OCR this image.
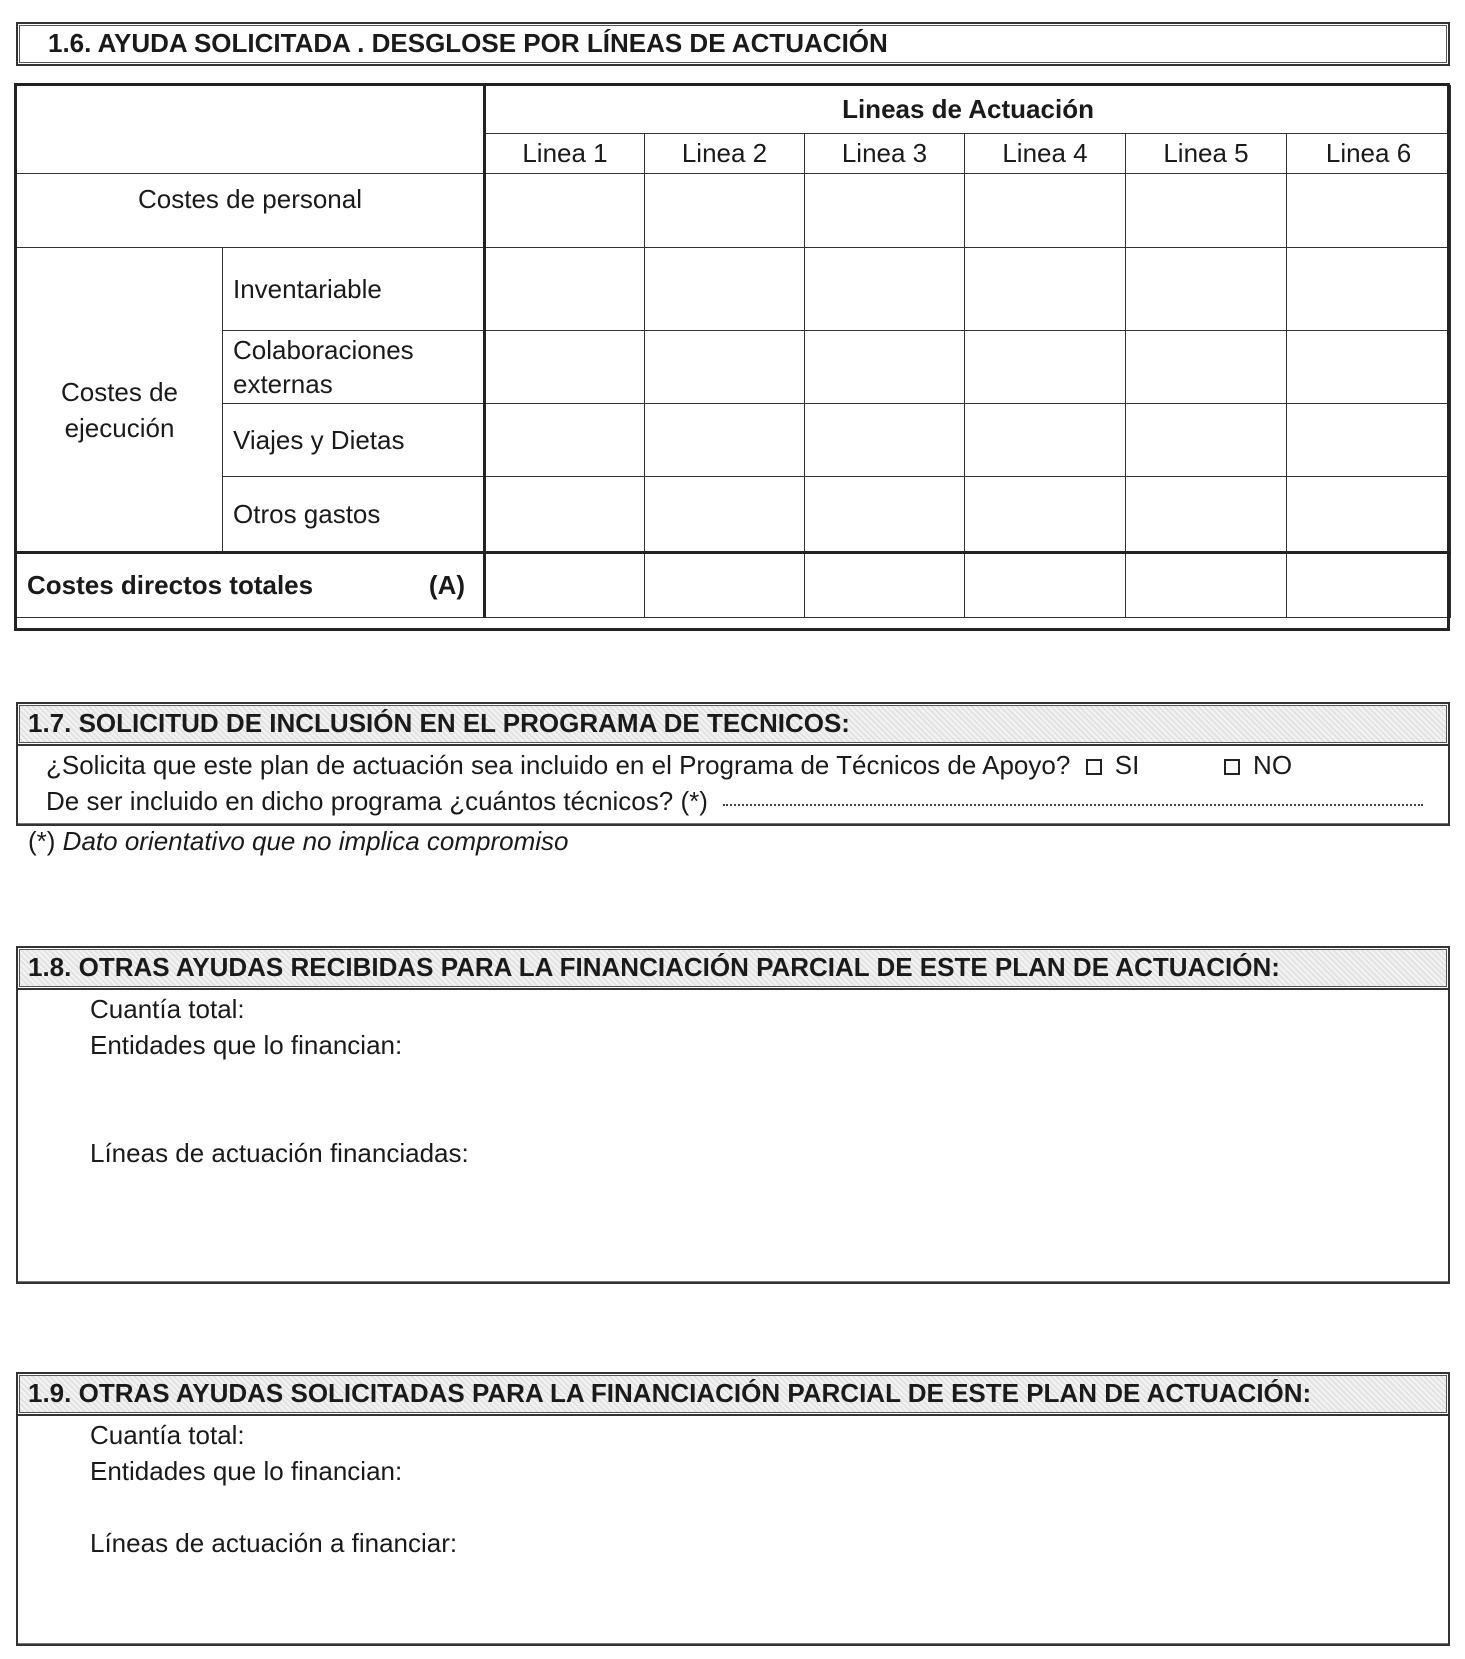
1.6. AYUDA SOLICITADA . DESGLOSE POR LÍNEAS DE ACTUACIÓN
		Lineas de Actuación					
		Linea 1	Linea 2	Linea 3	Linea 4	Linea 5	Linea 6
Costes de personal							
Costes de ejecución	Inventariable						
	Colaboraciones externas						
	Viajes y Dietas						
	Otros gastos						
Costes directos totales (A)							

1.7. SOLICITUD DE INCLUSIÓN EN EL PROGRAMA DE TECNICOS:
¿Solicita que este plan de actuación sea incluido en el Programa de Técnicos de Apoyo? SI	NO
De ser incluido en dicho programa ¿cuántos técnicos? (*)
(*) Dato orientativo que no implica compromiso
1.8. OTRAS AYUDAS RECIBIDAS PARA LA FINANCIACIÓN PARCIAL DE ESTE PLAN DE ACTUACIÓN:
Cuantía total:
Entidades que lo financian:
Líneas de actuación financiadas:
1.9. OTRAS AYUDAS SOLICITADAS PARA LA FINANCIACIÓN PARCIAL DE ESTE PLAN DE ACTUACIÓN:
Cuantía total:
Entidades que lo financian:
Líneas de actuación a financiar:
